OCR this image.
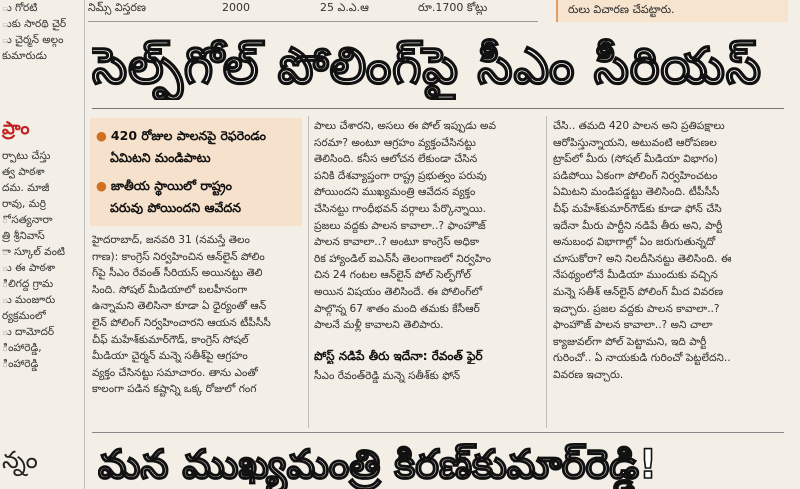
ు గోరటి
ుకు సారథి చైర్
ు చైర్మన్ అల్గం
కుమారుడు
ప్రాం
ర్పాటు చేస్తు
త్వ పాఠశా
దమ. మాజీ
రావు, మర్రి
ో సత్యనారా
త్రి శ్రీనివాస్
ా స్కూల్ వంటి
ు ఈ పాఠశా
ిలిగద్ద గ్రామ
ు మంజూరు
ర్యక్రమంలో
ు దామోదర్
ింహారెడ్డి,
ింహారెడ్డి
న్నం
నిమ్స్ విస్తరణ	2000	25 ఎ.ఎ.ఆ	రూ.1700 కోట్లు	రులు విచారణ చేపట్టారు.
సెల్ఫ్‌గోల్ పోలింగ్‌పై సీఎం సీరియస్
● 420 రోజుల పాలనపై రెఫరెండం
ఏమిటని మండిపాటు
● జాతీయ స్థాయిలో రాష్ట్రం
పరువు పోయిందని ఆవేదన
హైదరాబాద్, జనవరి 31 (నమస్తే తెలం
గాణ): కాంగ్రెస్ నిర్వహించిన ఆన్‌లైన్ పోలిం
గ్‌పై సీఎం రేవంత్ సీరియస్ అయినట్టు తెలి
సింది. సోషల్ మీడియాలో బలహీనంగా
ఉన్నామని తెలిసినా కూడా ఏ ధైర్యంతో ఆన్
లైన్ పోలింగ్ నిర్వహించారని ఆయన టీపీసీసీ
చీఫ్ మహేశ్‌కుమార్‌గౌడ్, కాంగ్రెస్ సోషల్
మీడియా చైర్మన్ మన్నె సతీశ్‌పై ఆగ్రహం
వ్యక్తం చేసినట్టు సమాచారం. తాను ఎంతో
కాలంగా పడిన కష్టాన్ని ఒక్క రోజులో గంగ
పాలు చేశారని, అసలు ఈ పోల్ ఇప్పుడు అవ
సరమా? అంటూ ఆగ్రహం వ్యక్తంచేసినట్టు
తెలిసింది. కనీస ఆలోచన లేకుండా చేసిన
పనికి దేశవ్యాప్తంగా రాష్ట్ర ప్రభుత్వం పరువు
పోయిందని ముఖ్యమంత్రి ఆవేదన వ్యక్తం
చేసినట్టు గాంధీభవన్ వర్గాలు పేర్కొన్నాయి.
ప్రజలు వద్దకు పాలన కావాలా..? ఫాంహౌజ్
పాలన కావాలా..? అంటూ కాంగ్రెస్ అధికా
రిక హ్యాండిల్ ఐఎన్‌సీ తెలంగాణలో నిర్వహిం
చిన 24 గంటల ఆన్‌లైన్ పోల్ సెల్ఫ్‌గోల్
అయిన విషయం తెలిసిందే. ఈ పోలింగ్‌లో
పాల్గొన్న 67 శాతం మంది తమకు కేసీఆర్
పాలనే మళ్లీ కావాలని తెలిపారు.
పోస్ట్ నడిపే తీరు ఇదేనా: రేవంత్ ఫైర్
సీఎం రేవంత్‌రెడ్డి మన్నె సతీశ్‌కు ఫోన్
చేసి.. తమది 420 పాలన అని ప్రతిపక్షాలు
ఆరోపిస్తున్నాయని, అటువంటి ఆరోపణల
ట్రాప్‌లో మీరు (సోషల్ మీడియా విభాగం)
పడిపోయి ఏకంగా పోలింగ్ నిర్వహించటం
ఏమిటని మండిపడ్డట్టు తెలిసింది. టీపీసీసీ
చీఫ్ మహేశ్‌కుమార్‌గౌడ్‌కు కూడా ఫోన్ చేసి
ఇదేనా మీరు పార్టీని నడిపే తీరు అని, పార్టీ
అనుబంధ విభాగాల్లో ఏం జరుగుతున్నదో
చూసుకోరా? అని నిలదీసినట్టు తెలిసింది. ఈ
నేపథ్యంలోనే మీడియా ముందుకు వచ్చిన
మన్నె సతీశ్ ఆన్‌లైన్ పోలింగ్ మీద వివరణ
ఇచ్చారు. ప్రజల వద్దకు పాలన కావాలా..?
ఫాంహౌజ్ పాలన కావాలా..? అని చాలా
క్యాజువల్‌గా పోల్ పెట్టామని, ఇది పార్టీ
గురించో.. ఏ నాయకుడి గురించో పెట్టలేదని..
వివరణ ఇచ్చారు.
మన ముఖ్యమంత్రి కిరణ్‌కుమార్‌రెడ్డి!
